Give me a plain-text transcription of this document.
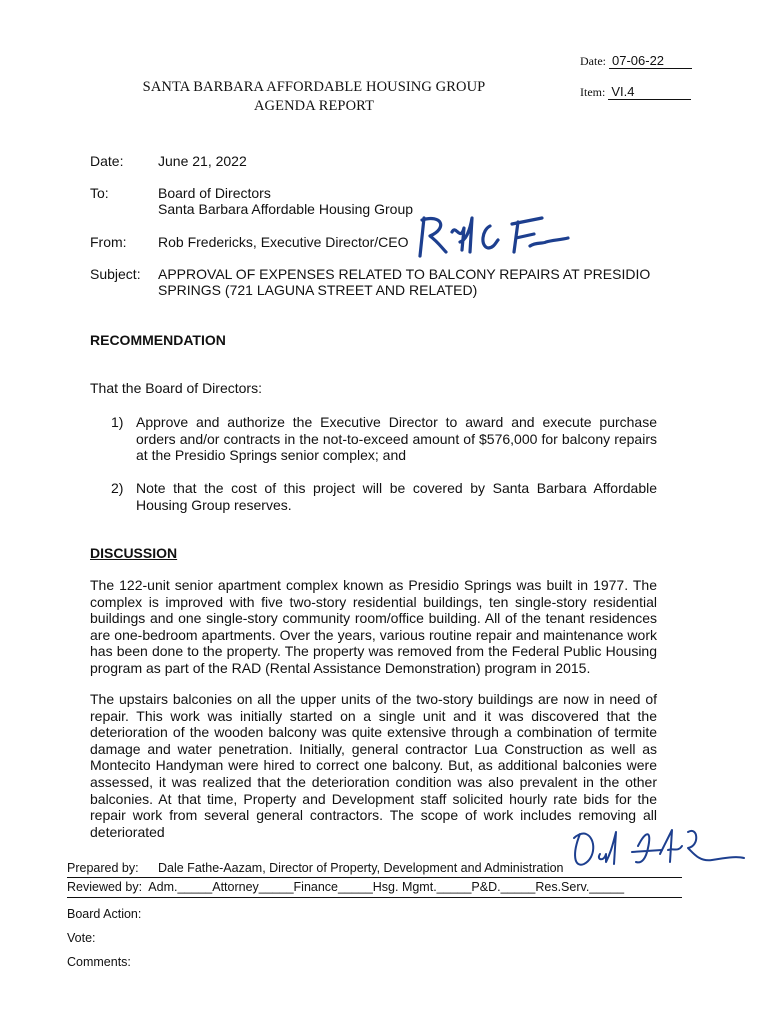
Date: 07-06-22
Item: VI.4
SANTA BARBARA AFFORDABLE HOUSING GROUP
AGENDA REPORT
Date: June 21, 2022
To:	Board of Directors
Santa Barbara Affordable Housing Group
From: Rob Fredericks, Executive Director/CEO
Subject: APPROVAL OF EXPENSES RELATED TO BALCONY REPAIRS AT PRESIDIO
SPRINGS (721 LAGUNA STREET AND RELATED)
RECOMMENDATION
That the Board of Directors:
1) Approve and authorize the Executive Director to award and execute purchase orders and/or contracts in the not-to-exceed amount of $576,000 for balcony repairs at the Presidio Springs senior complex; and
2) Note that the cost of this project will be covered by Santa Barbara Affordable Housing Group reserves.
DISCUSSION
The 122-unit senior apartment complex known as Presidio Springs was built in 1977. The complex is improved with five two-story residential buildings, ten single-story residential buildings and one single-story community room/office building. All of the tenant residences are one-bedroom apartments. Over the years, various routine repair and maintenance work has been done to the property. The property was removed from the Federal Public Housing program as part of the RAD (Rental Assistance Demonstration) program in 2015.
The upstairs balconies on all the upper units of the two-story buildings are now in need of repair. This work was initially started on a single unit and it was discovered that the deterioration of the wooden balcony was quite extensive through a combination of termite damage and water penetration. Initially, general contractor Lua Construction as well as Montecito Handyman were hired to correct one balcony. But, as additional balconies were assessed, it was realized that the deterioration condition was also prevalent in the other balconies. At that time, Property and Development staff solicited hourly rate bids for the repair work from several general contractors. The scope of work includes removing all deteriorated
Prepared by: Dale Fathe-Aazam, Director of Property, Development and Administration
Reviewed by:  Adm._____Attorney_____Finance_____Hsg. Mgmt._____P&D._____Res.Serv._____
Board Action:
Vote:
Comments:
